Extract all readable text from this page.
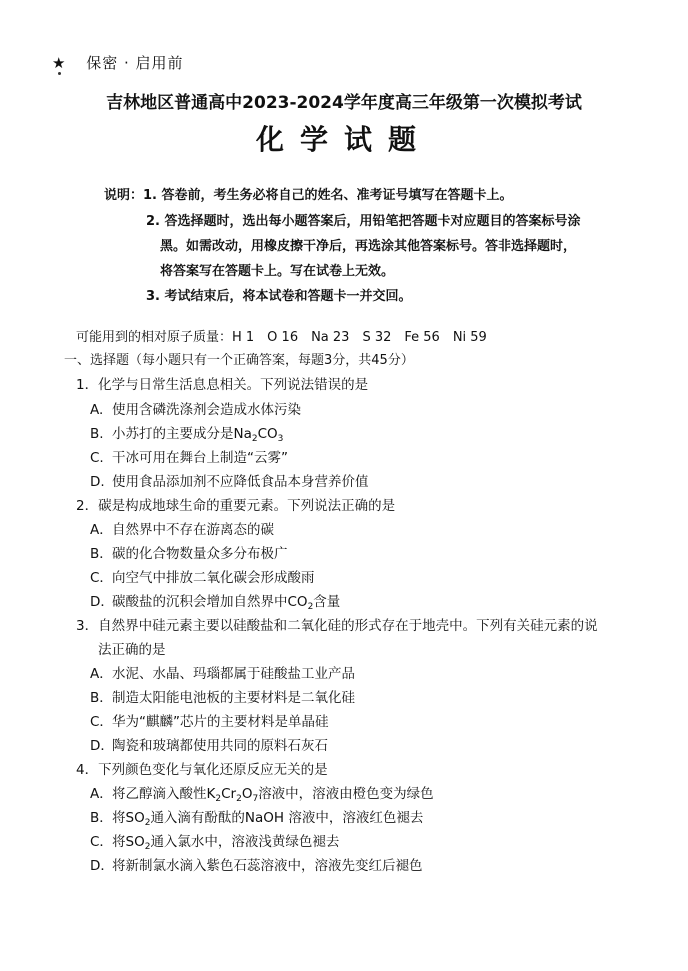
★ 保密 · 启用前
吉林地区普通高中2023-2024学年度高三年级第一次模拟考试
化学试题
说明：1. 答卷前，考生务必将自己的姓名、准考证号填写在答题卡上。
2. 答选择题时，选出每小题答案后，用铅笔把答题卡对应题目的答案标号涂
黑。如需改动，用橡皮擦干净后，再选涂其他答案标号。答非选择题时，
将答案写在答题卡上。写在试卷上无效。
3. 考试结束后，将本试卷和答题卡一并交回。
可能用到的相对原子质量：H 1　O 16　Na 23　S 32　Fe 56　Ni 59
一、选择题（每小题只有一个正确答案，每题3分，共45分）
1．化学与日常生活息息相关。下列说法错误的是
A. 使用含磷洗涤剂会造成水体污染
B. 小苏打的主要成分是$Na_2CO_3$
C. 干冰可用在舞台上制造“云雾”
D. 使用食品添加剂不应降低食品本身营养价值
2．碳是构成地球生命的重要元素。下列说法正确的是
A．自然界中不存在游离态的碳
B．碳的化合物数量众多分布极广
C．向空气中排放二氧化碳会形成酸雨
D．碳酸盐的沉积会增加自然界中$CO_2$含量
3．自然界中硅元素主要以硅酸盐和二氧化硅的形式存在于地壳中。下列有关硅元素的说
法正确的是
A．水泥、水晶、玛瑙都属于硅酸盐工业产品
B．制造太阳能电池板的主要材料是二氧化硅
C．华为“麒麟”芯片的主要材料是单晶硅
D．陶瓷和玻璃都使用共同的原料石灰石
4．下列颜色变化与氧化还原反应无关的是
A．将乙醇滴入酸性$K_2Cr_2O_7$溶液中，溶液由橙色变为绿色
B．将$SO_2$通入滴有酚酞的NaOH 溶液中，溶液红色褪去
C．将$SO_2$通入氯水中，溶液浅黄绿色褪去
D．将新制氯水滴入紫色石蕊溶液中，溶液先变红后褪色
